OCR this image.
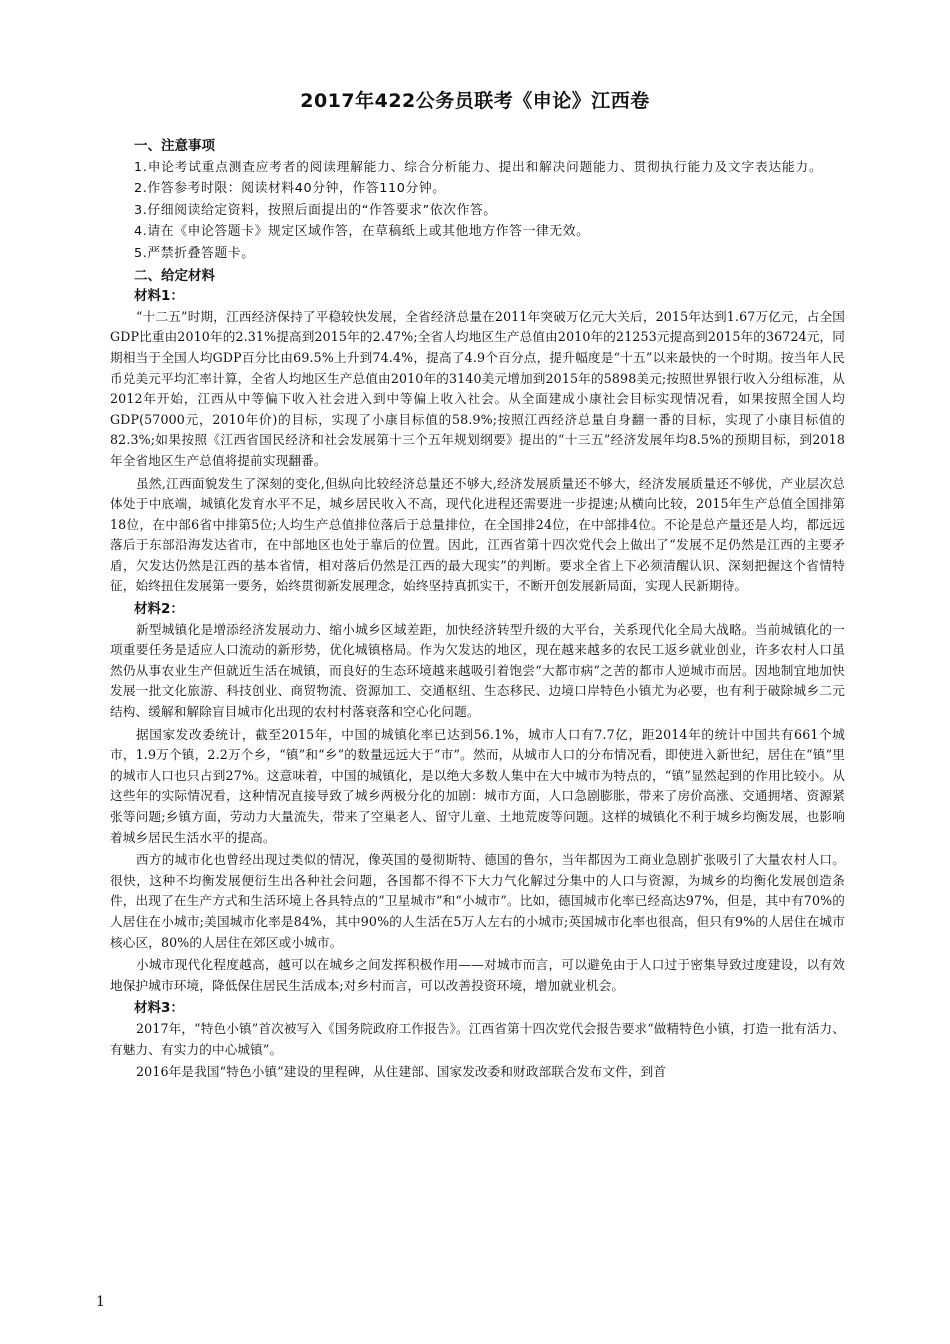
2017年422公务员联考《申论》江西卷

一、注意事项

1.申论考试重点测查应考者的阅读理解能力、综合分析能力、提出和解决问题能力、贯彻执行能力及文字表达能力。

2.作答参考时限：阅读材料40分钟，作答110分钟。

3.仔细阅读给定资料，按照后面提出的“作答要求”依次作答。

4.请在《申论答题卡》规定区域作答，在草稿纸上或其他地方作答一律无效。

5.严禁折叠答题卡。

二、给定材料

材料1：

“十二五”时期，江西经济保持了平稳较快发展，全省经济总量在2011年突破万亿元大关后，2015年达到1.67万亿元，占全国GDP比重由2010年的2.31%提高到2015年的2.47%;全省人均地区生产总值由2010年的21253元提高到2015年的36724元，同期相当于全国人均GDP百分比由69.5%上升到74.4%，提高了4.9个百分点，提升幅度是“十五”以来最快的一个时期。按当年人民币兑美元平均汇率计算，全省人均地区生产总值由2010年的3140美元增加到2015年的5898美元;按照世界银行收入分组标准，从2012年开始，江西从中等偏下收入社会进入到中等偏上收入社会。从全面建成小康社会目标实现情况看，如果按照全国人均GDP(57000元，2010年价)的目标，实现了小康目标值的58.9%;按照江西经济总量自身翻一番的目标，实现了小康目标值的82.3%;如果按照《江西省国民经济和社会发展第十三个五年规划纲要》提出的“十三五”经济发展年均8.5%的预期目标，到2018年全省地区生产总值将提前实现翻番。

虽然,江西面貌发生了深刻的变化,但纵向比较经济总量还不够大,经济发展质量还不够大，经济发展质量还不够优，产业层次总体处于中底端，城镇化发育水平不足，城乡居民收入不高，现代化进程还需要进一步提速;从横向比较，2015年生产总值全国排第18位，在中部6省中排第5位;人均生产总值排位落后于总量排位，在全国排24位，在中部排4位。不论是总产量还是人均，都远远落后于东部沿海发达省市，在中部地区也处于靠后的位置。因此，江西省第十四次党代会上做出了“发展不足仍然是江西的主要矛盾，欠发达仍然是江西的基本省情，相对落后仍然是江西的最大现实”的判断。要求全省上下必须清醒认识、深刻把握这个省情特征，始终扭住发展第一要务，始终贯彻新发展理念，始终坚持真抓实干，不断开创发展新局面，实现人民新期待。

材料2：

新型城镇化是增添经济发展动力、缩小城乡区域差距，加快经济转型升级的大平台，关系现代化全局大战略。当前城镇化的一项重要任务是适应人口流动的新形势，优化城镇格局。作为欠发达的地区，现在越来越多的农民工返乡就业创业，许多农村人口虽然仍从事农业生产但就近生活在城镇，而良好的生态环境越来越吸引着饱尝“大都市病”之苦的都市人逆城市而居。因地制宜地加快发展一批文化旅游、科技创业、商贸物流、资源加工、交通枢纽、生态移民、边境口岸特色小镇尤为必要，也有利于破除城乡二元结构、缓解和解除盲目城市化出现的农村村落衰落和空心化问题。

据国家发改委统计，截至2015年，中国的城镇化率已达到56.1%，城市人口有7.7亿，距2014年的统计中国共有661个城市，1.9万个镇，2.2万个乡，“镇”和“乡”的数量远远大于“市”。然而，从城市人口的分布情况看，即使进入新世纪，居住在“镇”里的城市人口也只占到27%。这意味着，中国的城镇化，是以绝大多数人集中在大中城市为特点的，“镇”显然起到的作用比较小。从这些年的实际情况看，这种情况直接导致了城乡两极分化的加剧：城市方面，人口急剧膨胀，带来了房价高涨、交通拥堵、资源紧张等问题;乡镇方面，劳动力大量流失，带来了空巢老人、留守儿童、土地荒废等问题。这样的城镇化不利于城乡均衡发展，也影响着城乡居民生活水平的提高。

西方的城市化也曾经出现过类似的情况，像英国的曼彻斯特、德国的鲁尔，当年都因为工商业急剧扩张吸引了大量农村人口。很快，这种不均衡发展便衍生出各种社会问题，各国都不得不下大力气化解过分集中的人口与资源，为城乡的均衡化发展创造条件，出现了在生产方式和生活环境上各具特点的“卫星城市”和“小城市”。比如，德国城市化率已经高达97%，但是，其中有70%的人居住在小城市;美国城市化率是84%，其中90%的人生活在5万人左右的小城市;英国城市化率也很高，但只有9%的人居住在城市核心区，80%的人居住在郊区或小城市。

小城市现代化程度越高，越可以在城乡之间发挥积极作用——对城市而言，可以避免由于人口过于密集导致过度建设，以有效地保护城市环境，降低保住居民生活成本;对乡村而言，可以改善投资环境，增加就业机会。

材料3：

2017年，“特色小镇”首次被写入《国务院政府工作报告》。江西省第十四次党代会报告要求“做精特色小镇，打造一批有活力、有魅力、有实力的中心城镇”。

2016年是我国“特色小镇”建设的里程碑，从住建部、国家发改委和财政部联合发布文件，到首

1
